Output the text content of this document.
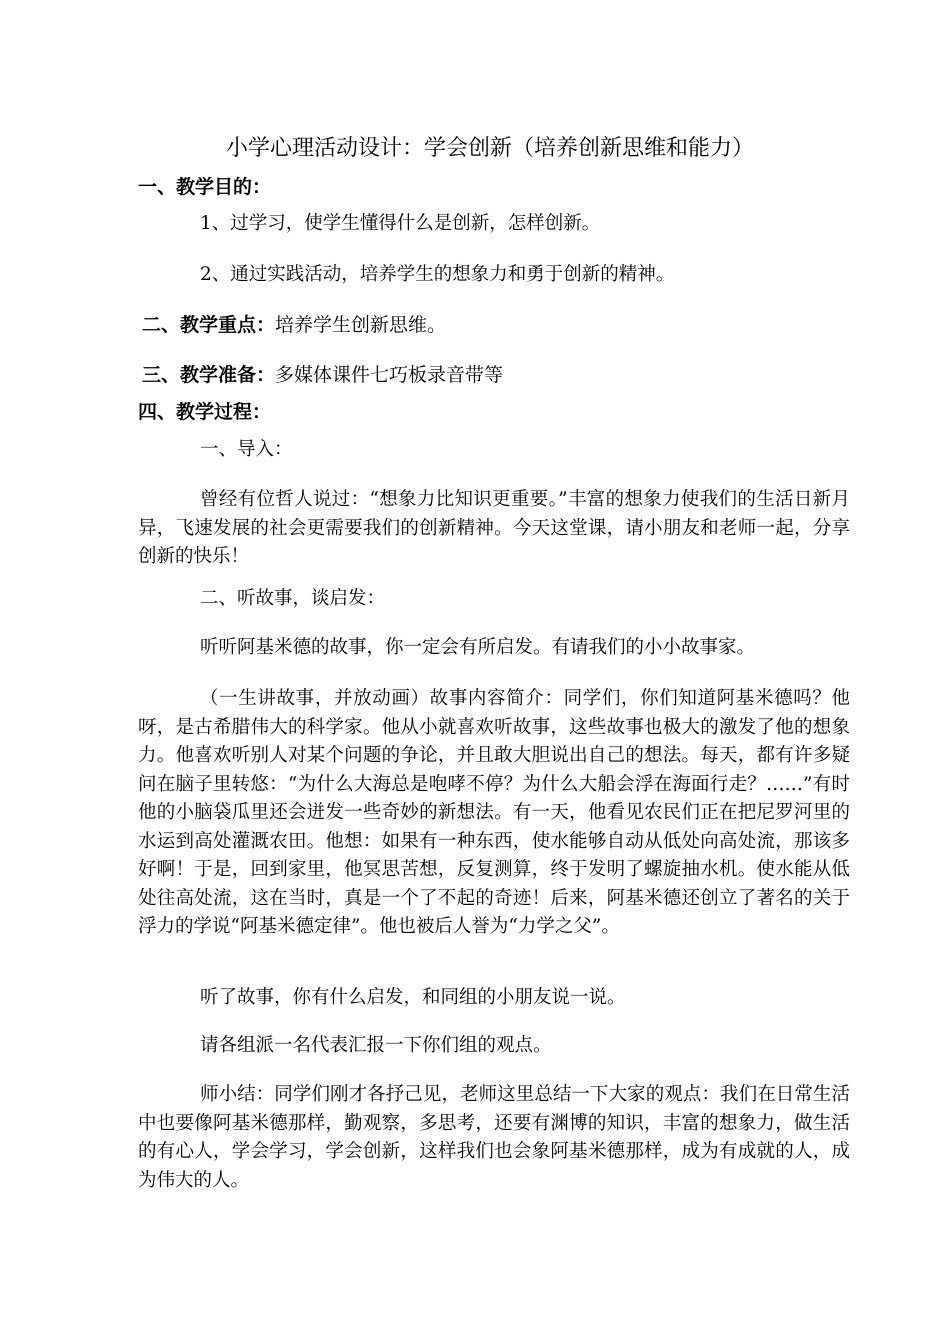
小学心理活动设计：学会创新（培养创新思维和能力）
一、教学目的：
1、过学习，使学生懂得什么是创新，怎样创新。
2、通过实践活动，培养学生的想象力和勇于创新的精神。
二、教学重点：培养学生创新思维。
三、教学准备：多媒体课件七巧板录音带等
四、教学过程：
一、导入：
曾经有位哲人说过：“想象力比知识更重要。”丰富的想象力使我们的生活日新月异，飞速发展的社会更需要我们的创新精神。今天这堂课，请小朋友和老师一起，分享创新的快乐！
二、听故事，谈启发：
听听阿基米德的故事，你一定会有所启发。有请我们的小小故事家。
（一生讲故事，并放动画）故事内容简介：同学们，你们知道阿基米德吗？他呀，是古希腊伟大的科学家。他从小就喜欢听故事，这些故事也极大的激发了他的想象力。他喜欢听别人对某个问题的争论，并且敢大胆说出自己的想法。每天，都有许多疑问在脑子里转悠：“为什么大海总是咆哮不停？为什么大船会浮在海面行走？……”有时他的小脑袋瓜里还会迸发一些奇妙的新想法。有一天，他看见农民们正在把尼罗河里的水运到高处灌溉农田。他想：如果有一种东西，使水能够自动从低处向高处流，那该多好啊！于是，回到家里，他冥思苦想，反复测算，终于发明了螺旋抽水机。使水能从低处往高处流，这在当时，真是一个了不起的奇迹！后来，阿基米德还创立了著名的关于浮力的学说“阿基米德定律”。他也被后人誉为“力学之父”。
听了故事，你有什么启发，和同组的小朋友说一说。
请各组派一名代表汇报一下你们组的观点。
师小结：同学们刚才各抒己见，老师这里总结一下大家的观点：我们在日常生活中也要像阿基米德那样，勤观察，多思考，还要有渊博的知识，丰富的想象力，做生活的有心人，学会学习，学会创新，这样我们也会象阿基米德那样，成为有成就的人，成为伟大的人。
